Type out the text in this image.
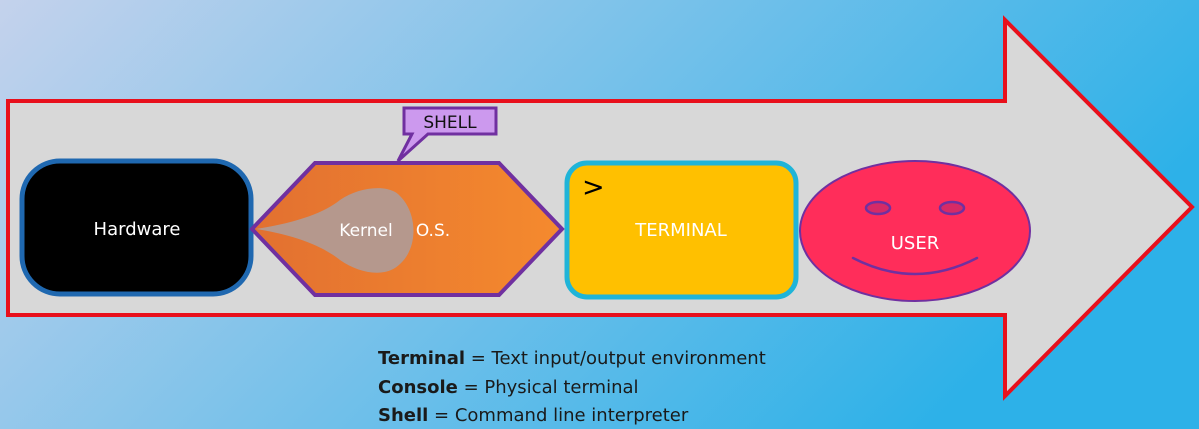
Hardware	Kernel O.S.
SHELL
>
TERMINAL
USER
Terminal = Text input/output environment
Console = Physical terminal
Shell = Command line interpreter
